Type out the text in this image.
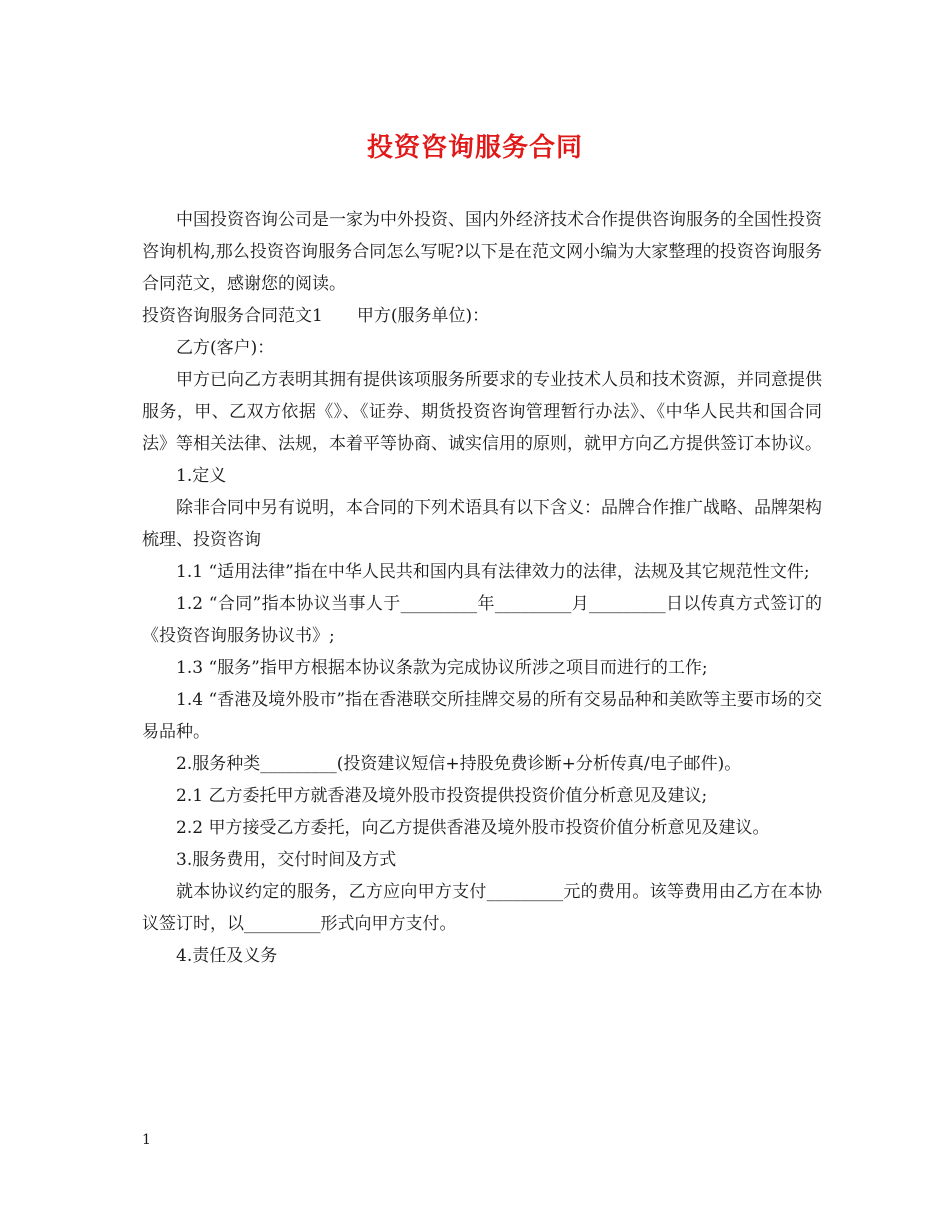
投资咨询服务合同

中国投资咨询公司是一家为中外投资、国内外经济技术合作提供咨询服务的全国性投资咨询机构,那么投资咨询服务合同怎么写呢?以下是在范文网小编为大家整理的投资咨询服务合同范文，感谢您的阅读。

投资咨询服务合同范文1　　甲方(服务单位)：

乙方(客户)：

甲方已向乙方表明其拥有提供该项服务所要求的专业技术人员和技术资源，并同意提供服务，甲、乙双方依据《》、《证券、期货投资咨询管理暂行办法》、《中华人民共和国合同法》等相关法律、法规，本着平等协商、诚实信用的原则，就甲方向乙方提供签订本协议。

1.定义

除非合同中另有说明，本合同的下列术语具有以下含义：品牌合作推广战略、品牌架构梳理、投资咨询

1.1 “适用法律”指在中华人民共和国内具有法律效力的法律，法规及其它规范性文件;

1.2 “合同”指本协议当事人于_________年_________月_________日以传真方式签订的《投资咨询服务协议书》;

1.3 “服务”指甲方根据本协议条款为完成协议所涉之项目而进行的工作;

1.4 “香港及境外股市”指在香港联交所挂牌交易的所有交易品种和美欧等主要市场的交易品种。

2.服务种类_________(投资建议短信+持股免费诊断+分析传真/电子邮件)。

2.1 乙方委托甲方就香港及境外股市投资提供投资价值分析意见及建议;

2.2 甲方接受乙方委托，向乙方提供香港及境外股市投资价值分析意见及建议。

3.服务费用，交付时间及方式

就本协议约定的服务，乙方应向甲方支付_________元的费用。该等费用由乙方在本协议签订时，以_________形式向甲方支付。

4.责任及义务

1
